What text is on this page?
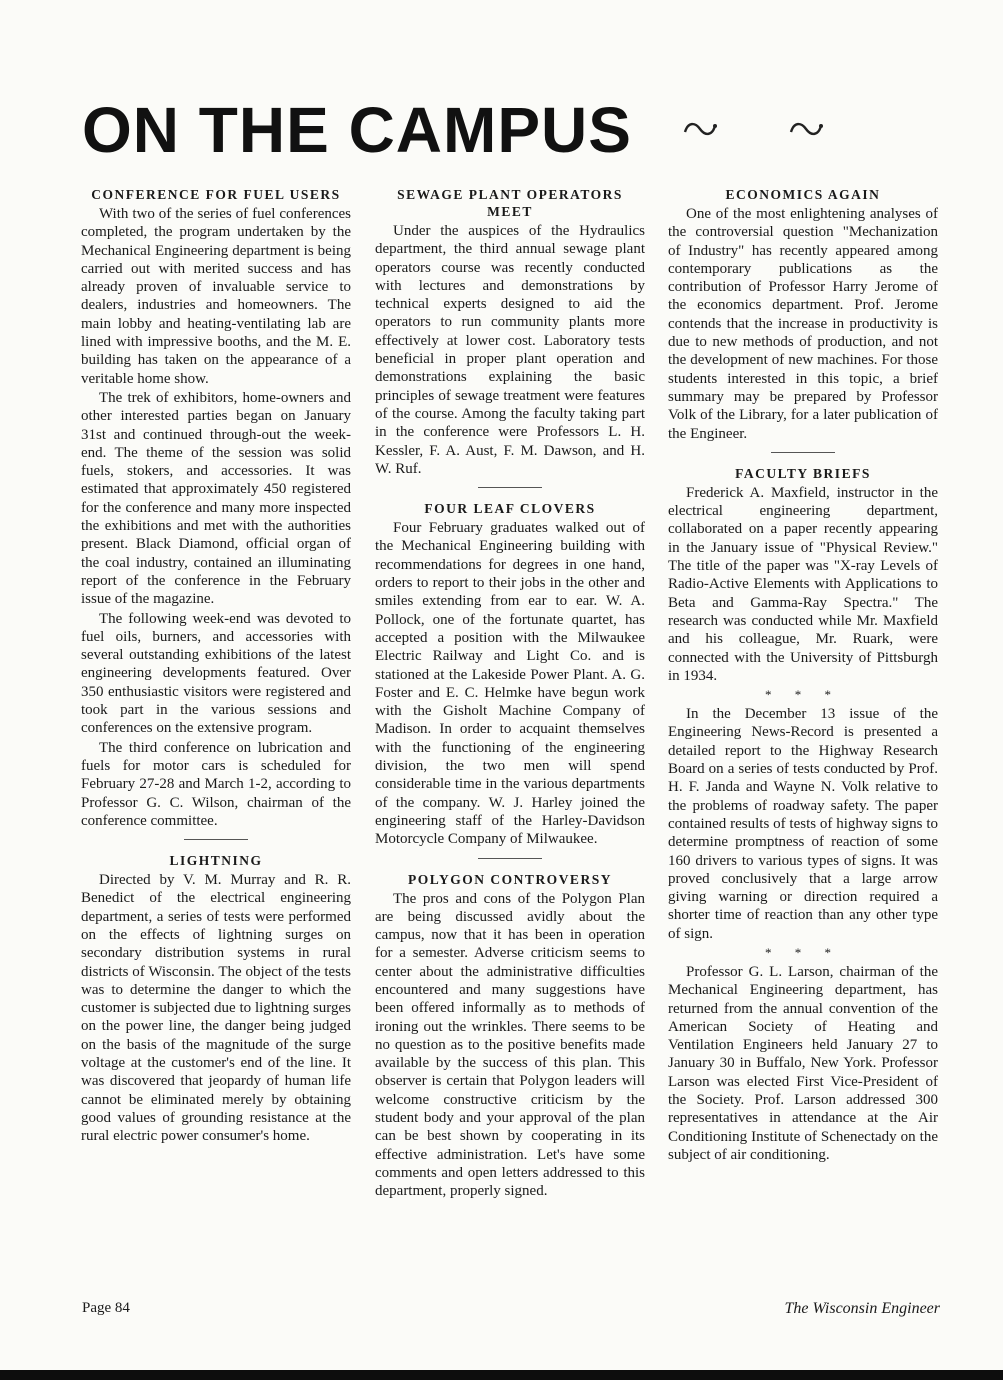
ON THE CAMPUS
CONFERENCE FOR FUEL USERS

With two of the series of fuel conferences completed, the program undertaken by the Mechanical Engineering department is being carried out with merited success and has already proven of invaluable service to dealers, industries and homeowners. The main lobby and heating-ventilating lab are lined with impressive booths, and the M. E. building has taken on the appearance of a veritable home show.

The trek of exhibitors, home-owners and other interested parties began on January 31st and continued through-out the week-end. The theme of the session was solid fuels, stokers, and accessories. It was estimated that approximately 450 registered for the conference and many more inspected the exhibitions and met with the authorities present. Black Diamond, official organ of the coal industry, contained an illuminating report of the conference in the February issue of the magazine.

The following week-end was devoted to fuel oils, burners, and accessories with several outstanding exhibitions of the latest engineering developments featured. Over 350 enthusiastic visitors were registered and took part in the various sessions and conferences on the extensive program.

The third conference on lubrication and fuels for motor cars is scheduled for February 27-28 and March 1-2, according to Professor G. C. Wilson, chairman of the conference committee.

LIGHTNING

Directed by V. M. Murray and R. R. Benedict of the electrical engineering department, a series of tests were performed on the effects of lightning surges on secondary distribution systems in rural districts of Wisconsin. The object of the tests was to determine the danger to which the customer is subjected due to lightning surges on the power line, the danger being judged on the basis of the magnitude of the surge voltage at the customer's end of the line. It was discovered that jeopardy of human life cannot be eliminated merely by obtaining good values of grounding resistance at the rural electric power consumer's home.

SEWAGE PLANT OPERATORS MEET

Under the auspices of the Hydraulics department, the third annual sewage plant operators course was recently conducted with lectures and demonstrations by technical experts designed to aid the operators to run community plants more effectively at lower cost. Laboratory tests beneficial in proper plant operation and demonstrations explaining the basic principles of sewage treatment were features of the course. Among the faculty taking part in the conference were Professors L. H. Kessler, F. A. Aust, F. M. Dawson, and H. W. Ruf.

FOUR LEAF CLOVERS

Four February graduates walked out of the Mechanical Engineering building with recommendations for degrees in one hand, orders to report to their jobs in the other and smiles extending from ear to ear. W. A. Pollock, one of the fortunate quartet, has accepted a position with the Milwaukee Electric Railway and Light Co. and is stationed at the Lakeside Power Plant. A. G. Foster and E. C. Helmke have begun work with the Gisholt Machine Company of Madison. In order to acquaint themselves with the functioning of the engineering division, the two men will spend considerable time in the various departments of the company. W. J. Harley joined the engineering staff of the Harley-Davidson Motorcycle Company of Milwaukee.

POLYGON CONTROVERSY

The pros and cons of the Polygon Plan are being discussed avidly about the campus, now that it has been in operation for a semester. Adverse criticism seems to center about the administrative difficulties encountered and many suggestions have been offered informally as to methods of ironing out the wrinkles. There seems to be no question as to the positive benefits made available by the success of this plan. This observer is certain that Polygon leaders will welcome constructive criticism by the student body and your approval of the plan can be best shown by cooperating in its effective administration. Let's have some comments and open letters addressed to this department, properly signed.

ECONOMICS AGAIN

One of the most enlightening analyses of the controversial question "Mechanization of Industry" has recently appeared among contemporary publications as the contribution of Professor Harry Jerome of the economics department. Prof. Jerome contends that the increase in productivity is due to new methods of production, and not the development of new machines. For those students interested in this topic, a brief summary may be prepared by Professor Volk of the Library, for a later publication of the Engineer.

FACULTY BRIEFS

Frederick A. Maxfield, instructor in the electrical engineering department, collaborated on a paper recently appearing in the January issue of "Physical Review." The title of the paper was "X-ray Levels of Radio-Active Elements with Applications to Beta and Gamma-Ray Spectra." The research was conducted while Mr. Maxfield and his colleague, Mr. Ruark, were connected with the University of Pittsburgh in 1934.

* * *

In the December 13 issue of the Engineering News-Record is presented a detailed report to the Highway Research Board on a series of tests conducted by Prof. H. F. Janda and Wayne N. Volk relative to the problems of roadway safety. The paper contained results of tests of highway signs to determine promptness of reaction of some 160 drivers to various types of signs. It was proved conclusively that a large arrow giving warning or direction required a shorter time of reaction than any other type of sign.

* * *

Professor G. L. Larson, chairman of the Mechanical Engineering department, has returned from the annual convention of the American Society of Heating and Ventilation Engineers held January 27 to January 30 in Buffalo, New York. Professor Larson was elected First Vice-President of the Society. Prof. Larson addressed 300 representatives in attendance at the Air Conditioning Institute of Schenectady on the subject of air conditioning.

Page 84	The Wisconsin Engineer
